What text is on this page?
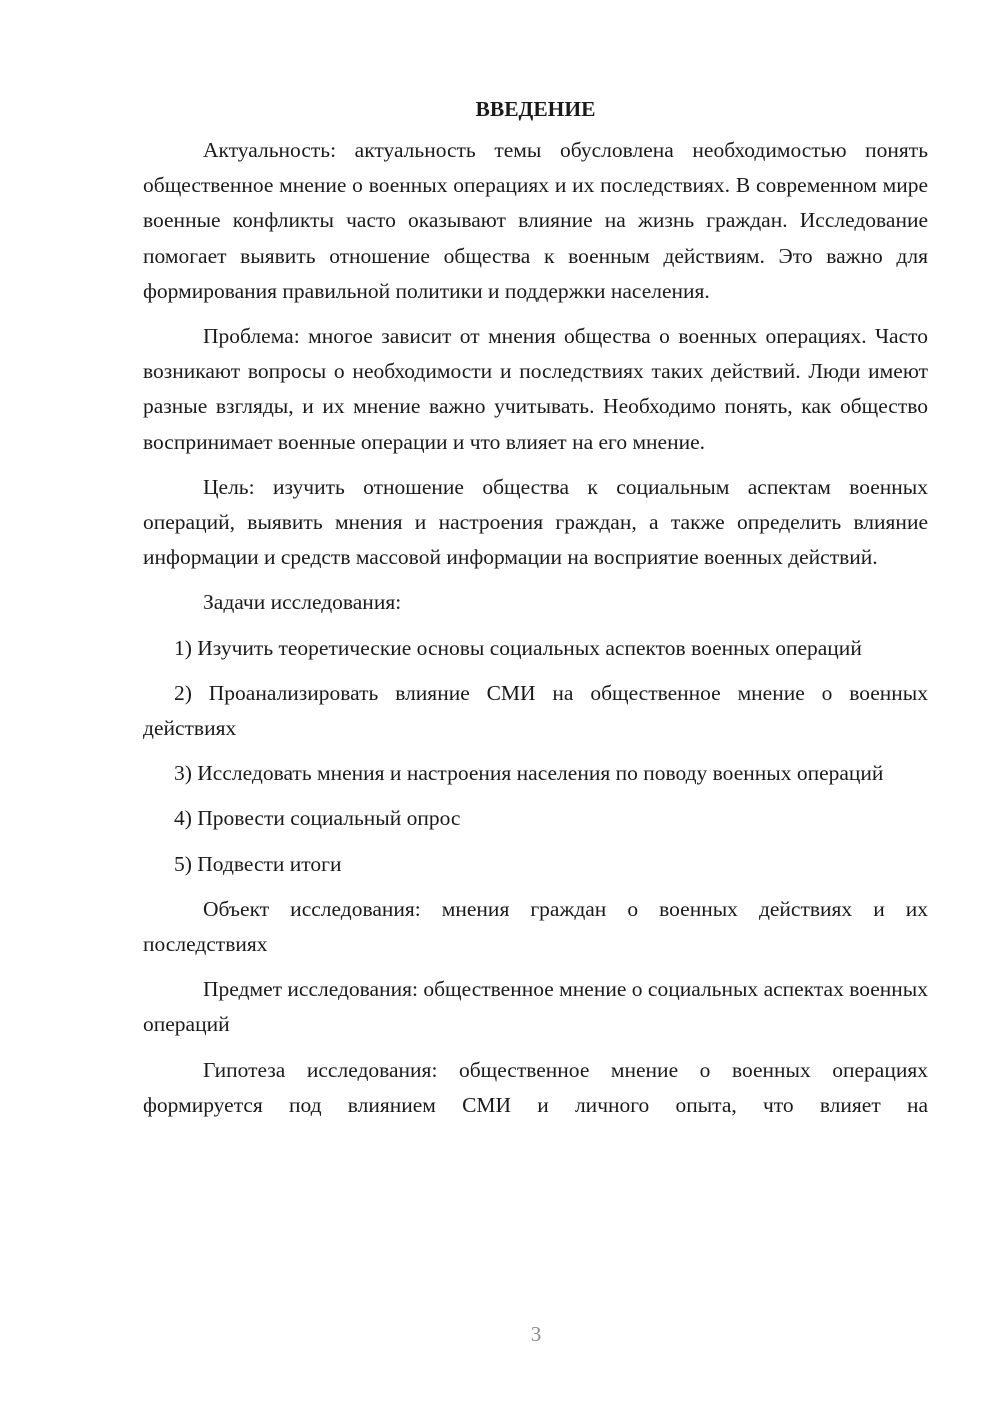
ВВЕДЕНИЕ

Актуальность: актуальность темы обусловлена необходимостью понять общественное мнение о военных операциях и их последствиях. В современном мире военные конфликты часто оказывают влияние на жизнь граждан. Исследование помогает выявить отношение общества к военным действиям. Это важно для формирования правильной политики и поддержки населения.

Проблема: многое зависит от мнения общества о военных операциях. Часто возникают вопросы о необходимости и последствиях таких действий. Люди имеют разные взгляды, и их мнение важно учитывать. Необходимо понять, как общество воспринимает военные операции и что влияет на его мнение.

Цель: изучить отношение общества к социальным аспектам военных операций, выявить мнения и настроения граждан, а также определить влияние информации и средств массовой информации на восприятие военных действий.

Задачи исследования:

1) Изучить теоретические основы социальных аспектов военных операций

2) Проанализировать влияние СМИ на общественное мнение о военных действиях

3) Исследовать мнения и настроения населения по поводу военных операций

4) Провести социальный опрос

5) Подвести итоги

Объект исследования: мнения граждан о военных действиях и их последствиях

Предмет исследования: общественное мнение о социальных аспектах военных операций

Гипотеза исследования: общественное мнение о военных операциях формируется под влиянием СМИ и личного опыта, что влияет на

3
